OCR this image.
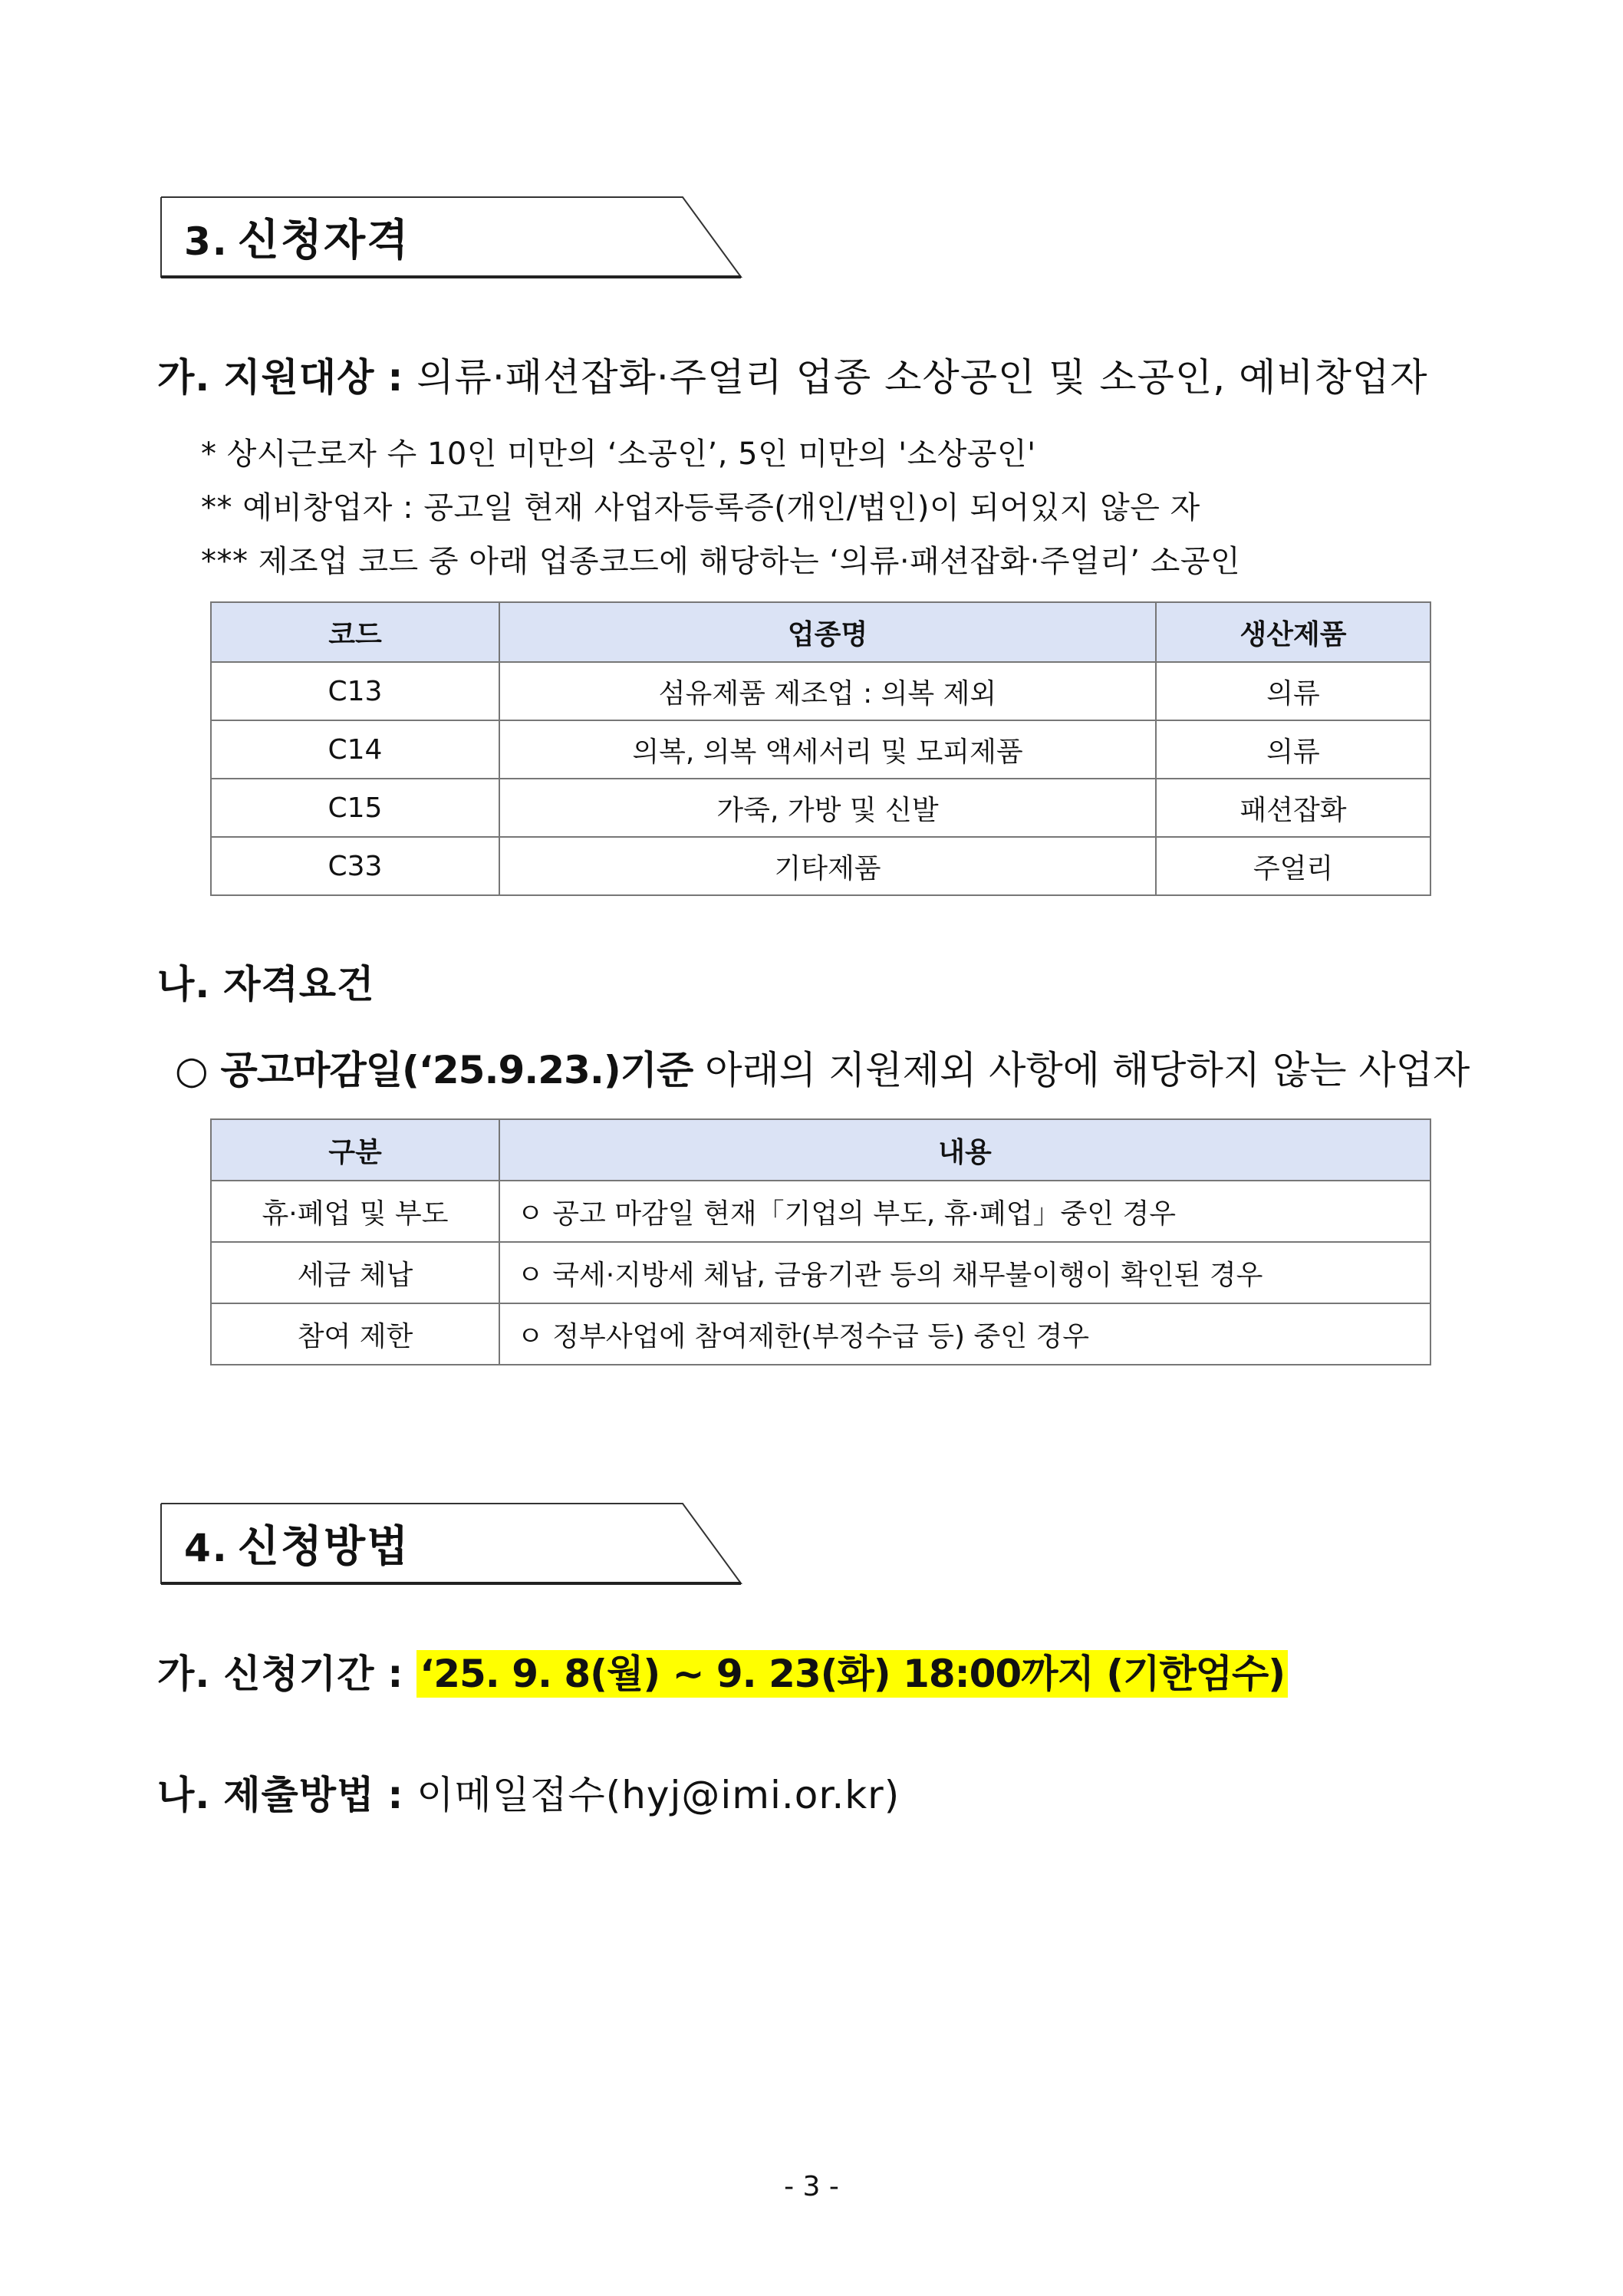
3. 신청자격
가. 지원대상 : 의류·패션잡화·주얼리 업종 소상공인 및 소공인, 예비창업자
* 상시근로자 수 10인 미만의 ‘소공인’, 5인 미만의 '소상공인'
** 예비창업자 : 공고일 현재 사업자등록증(개인/법인)이 되어있지 않은 자
*** 제조업 코드 중 아래 업종코드에 해당하는 ‘의류·패션잡화·주얼리’ 소공인
코드	업종명	생산제품
C13	섬유제품 제조업 : 의복 제외	의류
C14	의복, 의복 액세서리 및 모피제품	의류
C15	가죽, 가방 및 신발	패션잡화
C33	기타제품	주얼리
나. 자격요건
○ 공고마감일(‘25.9.23.)기준 아래의 지원제외 사항에 해당하지 않는 사업자
구분	내용
휴·폐업 및 부도	ㅇ 공고 마감일 현재「기업의 부도, 휴·폐업」중인 경우
세금 체납	ㅇ 국세·지방세 체납, 금융기관 등의 채무불이행이 확인된 경우
참여 제한	ㅇ 정부사업에 참여제한(부정수급 등) 중인 경우
4. 신청방법
가. 신청기간 : ‘25. 9. 8(월) ~ 9. 23(화) 18:00까지 (기한엄수)
나. 제출방법 : 이메일접수(hyj@imi.or.kr)
- 3 -
